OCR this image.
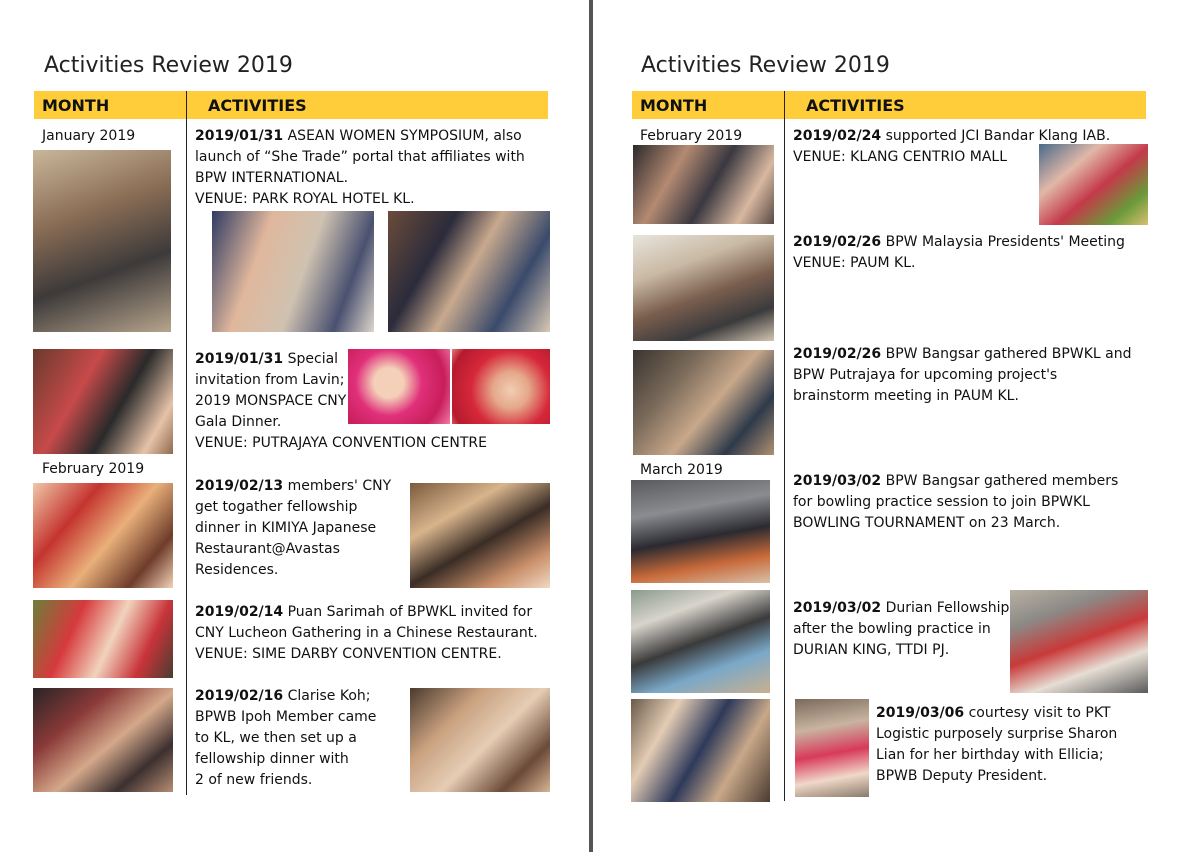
Activities Review 2019
MONTH	ACTIVITIES
January 2019
February 2019
2019/01/31 ASEAN WOMEN SYMPOSIUM, also
launch of “She Trade” portal that affiliates with
BPW INTERNATIONAL.
VENUE: PARK ROYAL HOTEL KL.
2019/01/31 Special
invitation from Lavin;
2019 MONSPACE CNY
Gala Dinner.
VENUE: PUTRAJAYA CONVENTION CENTRE
2019/02/13 members' CNY
get togather fellowship
dinner in KIMIYA Japanese
Restaurant@Avastas
Residences.
2019/02/14 Puan Sarimah of BPWKL invited for
CNY Lucheon Gathering in a Chinese Restaurant.
VENUE: SIME DARBY CONVENTION CENTRE.
2019/02/16 Clarise Koh;
BPWB Ipoh Member came
to KL, we then set up a
fellowship dinner with
2 of new friends.
Activities Review 2019
MONTH	ACTIVITIES
February 2019
March 2019
2019/02/24 supported JCI Bandar Klang IAB.
VENUE: KLANG CENTRIO MALL
2019/02/26 BPW Malaysia Presidents' Meeting
VENUE: PAUM KL.
2019/02/26 BPW Bangsar gathered BPWKL and
BPW Putrajaya for upcoming project's
brainstorm meeting in PAUM KL.
2019/03/02 BPW Bangsar gathered members
for bowling practice session to join BPWKL
BOWLING TOURNAMENT on 23 March.
2019/03/02 Durian Fellowship
after the bowling practice in
DURIAN KING, TTDI PJ.
2019/03/06 courtesy visit to PKT
Logistic purposely surprise Sharon
Lian for her birthday with Ellicia;
BPWB Deputy President.
